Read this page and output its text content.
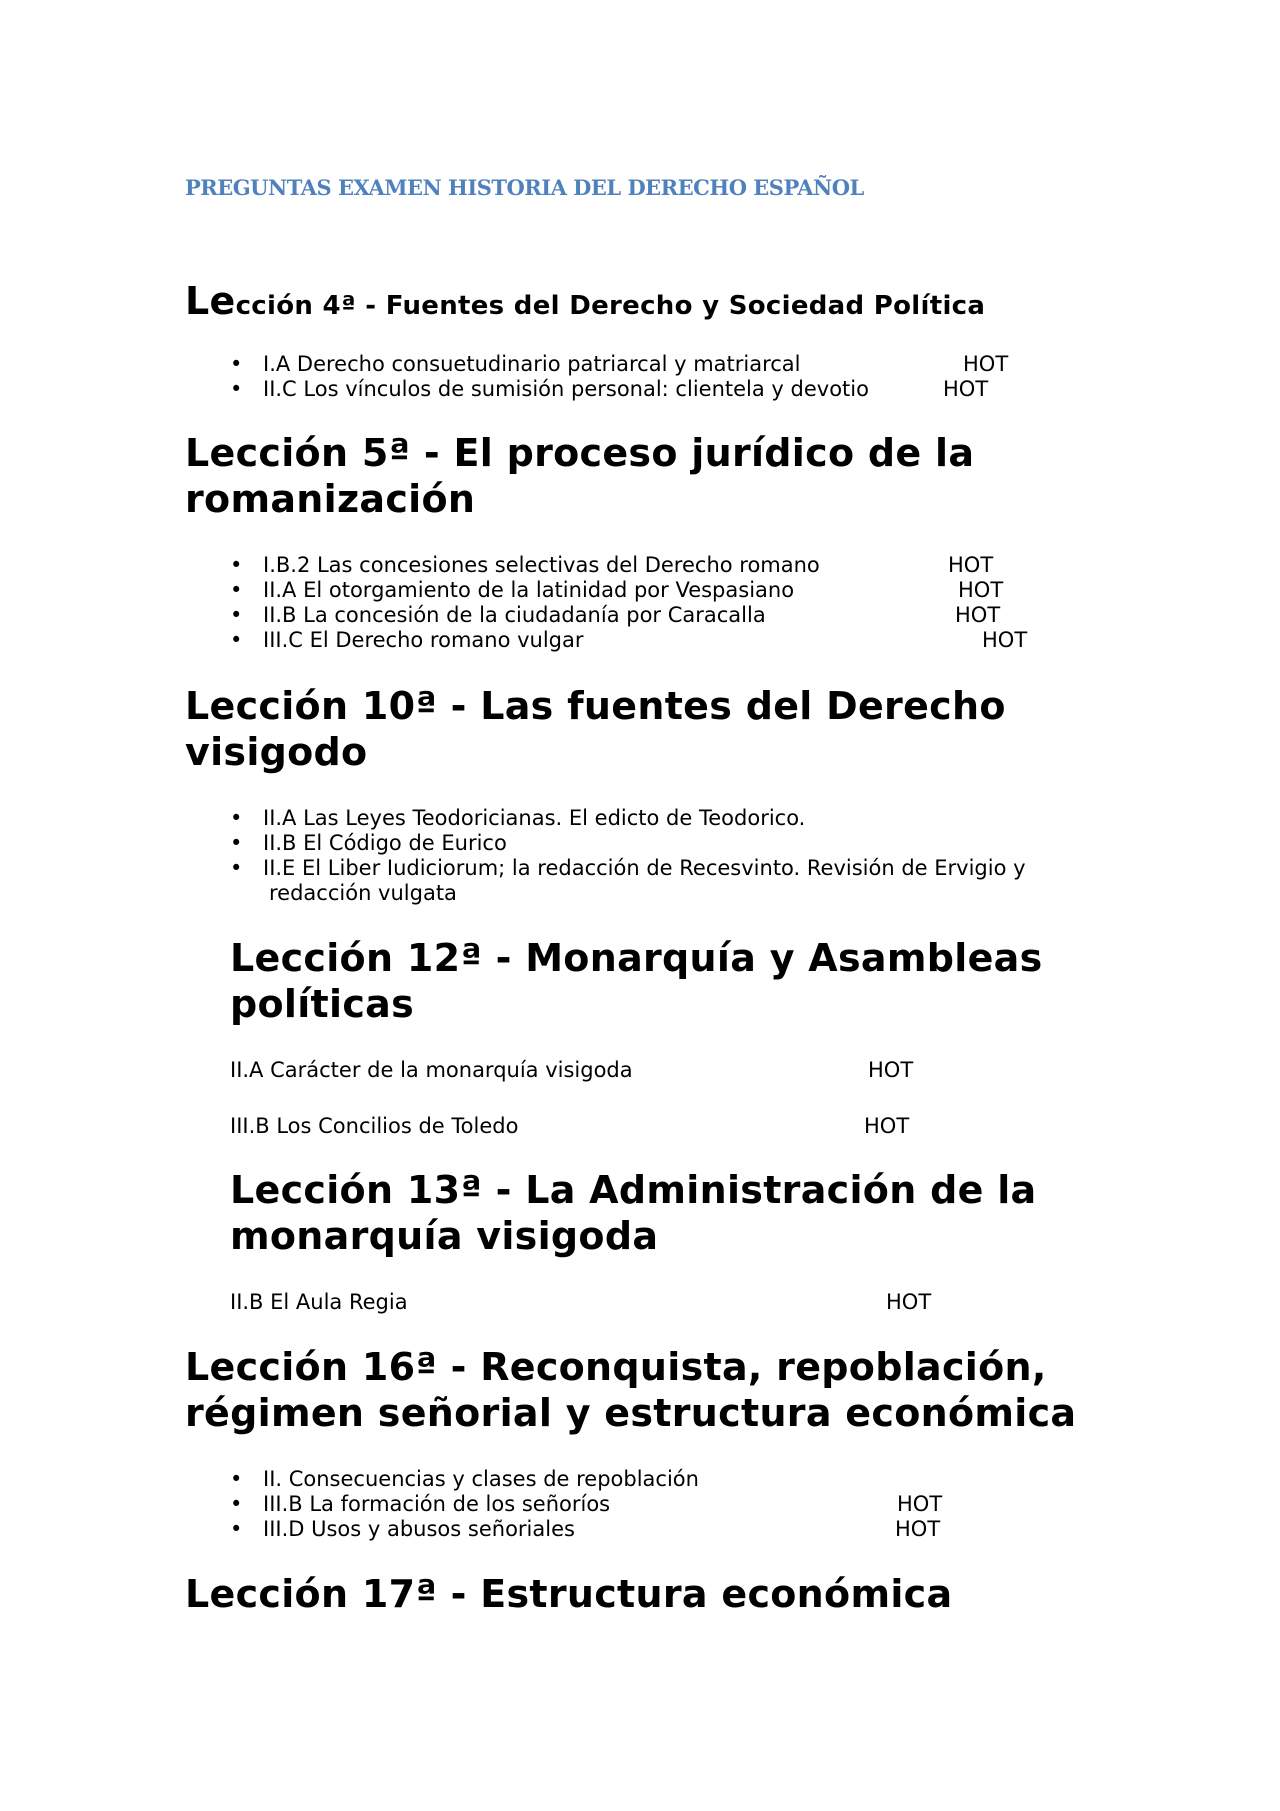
PREGUNTAS EXAMEN HISTORIA DEL DERECHO ESPAÑOL
Lección 4ª - Fuentes del Derecho y Sociedad Política
• I.A Derecho consuetudinario patriarcal y matriarcal	HOT
• II.C Los vínculos de sumisión personal: clientela y devotio	HOT
Lección 5ª - El proceso jurídico de la
romanización
• I.B.2 Las concesiones selectivas del Derecho romano	HOT
• II.A El otorgamiento de la latinidad por Vespasiano	HOT
• II.B La concesión de la ciudadanía por Caracalla	HOT
• III.C El Derecho romano vulgar	HOT
Lección 10ª - Las fuentes del Derecho
visigodo
• II.A Las Leyes Teodoricianas. El edicto de Teodorico.
• II.B El Código de Eurico
• II.E El Liber Iudiciorum; la redacción de Recesvinto. Revisión de Ervigio y
redacción vulgata
Lección 12ª - Monarquía y Asambleas
políticas
II.A Carácter de la monarquía visigoda	HOT
III.B Los Concilios de Toledo	HOT
Lección 13ª - La Administración de la
monarquía visigoda
II.B El Aula Regia	HOT
Lección 16ª - Reconquista, repoblación,
régimen señorial y estructura económica
• II. Consecuencias y clases de repoblación
• III.B La formación de los señoríos	HOT
• III.D Usos y abusos señoriales	HOT
Lección 17ª - Estructura económica
